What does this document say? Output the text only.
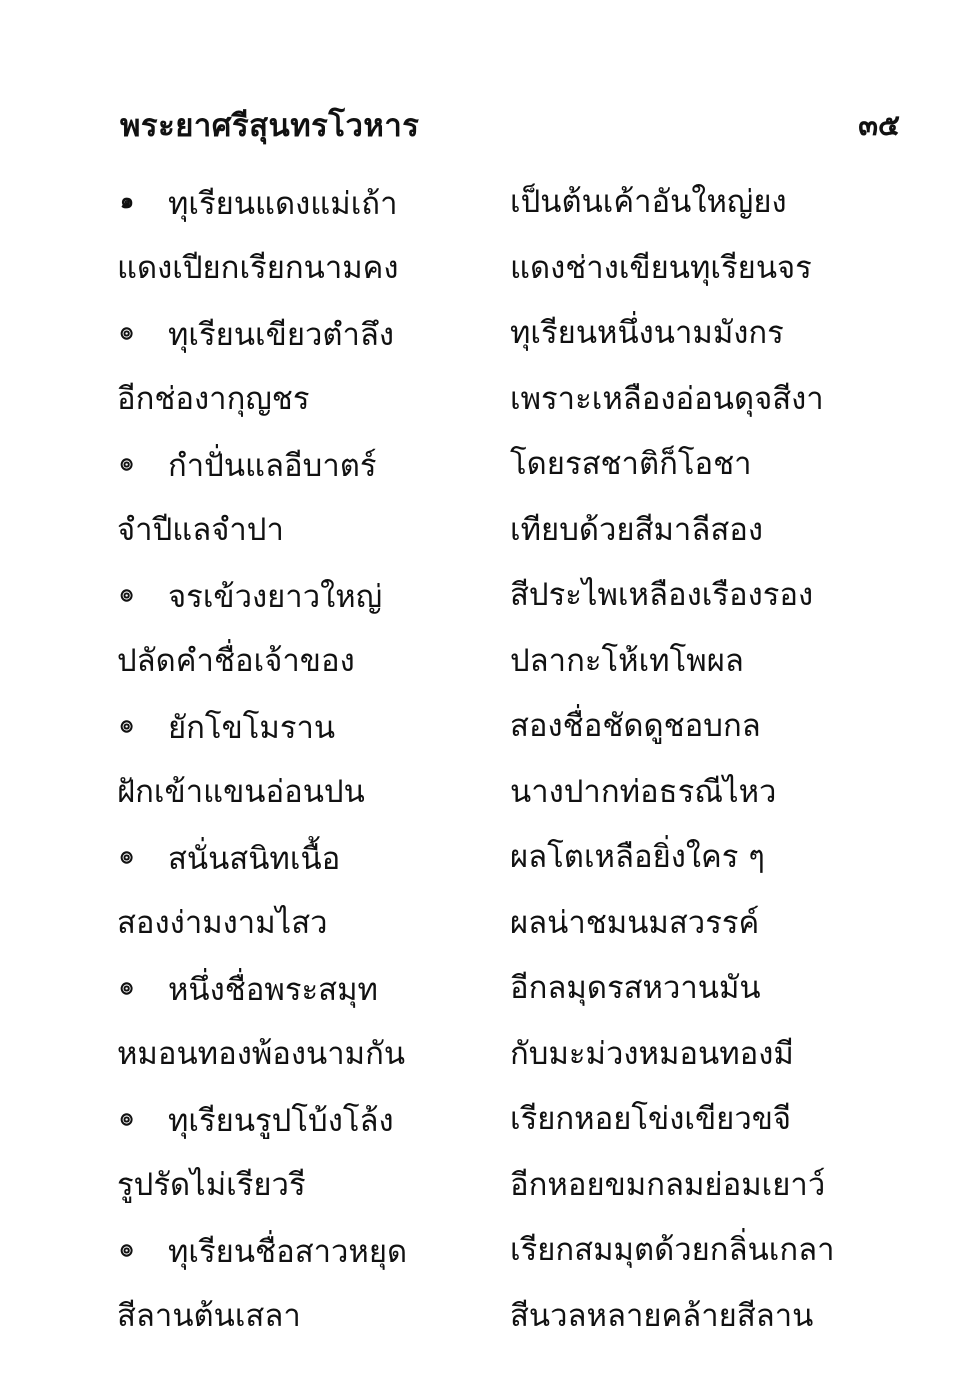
พระยาศรีสุนทรโวหาร	๓๕
๑ ทุเรียนแดงแม่เถ้า	เป็นต้นเค้าอันใหญ่ยง
แดงเปียกเรียกนามคง	แดงช่างเขียนทุเรียนจร
๏ ทุเรียนเขียวตำลึง	ทุเรียนหนึ่งนามมังกร
อีกช่องากุญชร	เพราะเหลืองอ่อนดุจสีงา
๏ กำปั่นแลอีบาตร์	โดยรสชาติก็โอชา
จำปีแลจำปา	เทียบด้วยสีมาลีสอง
๏ จรเข้วงยาวใหญ่	สีประไพเหลืองเรืองรอง
ปลัดคำชื่อเจ้าของ	ปลากะโห้เทโพผล
๏ ยักโขโมราน	สองชื่อชัดดูชอบกล
ฝักเข้าแขนอ่อนปน	นางปากท่อธรณีไหว
๏ สนั่นสนิทเนื้อ	ผลโตเหลือยิ่งใคร ๆ
สองง่ามงามไสว	ผลน่าชมนมสวรรค์
๏ หนึ่งชื่อพระสมุท	อีกลมุดรสหวานมัน
หมอนทองพ้องนามกัน	กับมะม่วงหมอนทองมี
๏ ทุเรียนรูปโบ้งโล้ง	เรียกหอยโข่งเขียวขจี
รูปรัดไม่เรียวรี	อีกหอยขมกลมย่อมเยาว์
๏ ทุเรียนชื่อสาวหยุด	เรียกสมมุตด้วยกลิ่นเกลา
สีลานต้นเสลา	สีนวลหลายคล้ายสีลาน
